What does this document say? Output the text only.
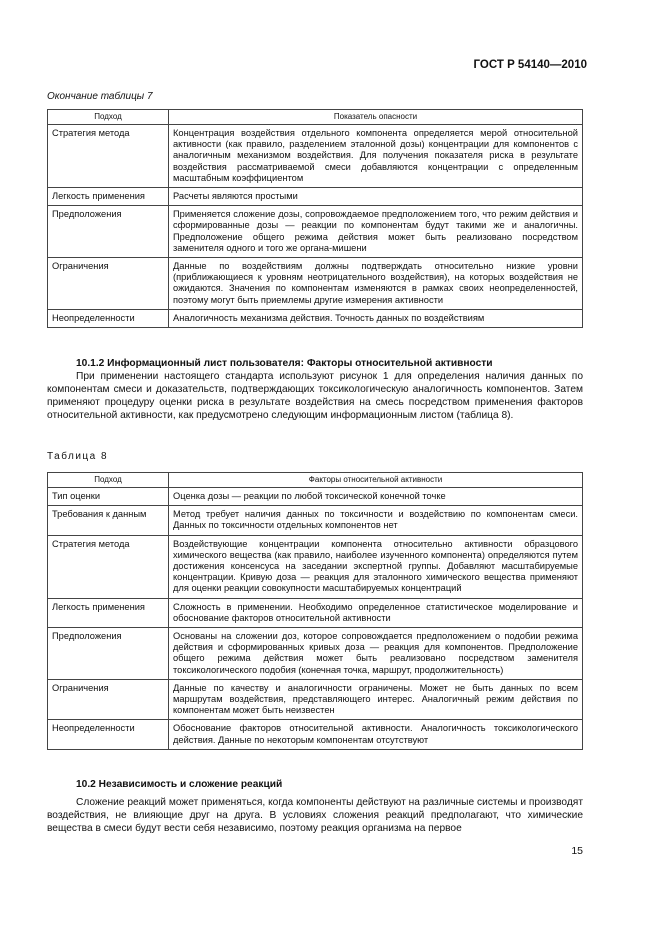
ГОСТ Р 54140—2010
Окончание таблицы 7
Подход	Показатель опасности
Стратегия метода	Концентрация воздействия отдельного компонента определяется мерой относительной активности (как правило, разделением эталонной дозы) концентрации для компонентов с аналогичным механизмом воздействия. Для получения показателя риска в результате воздействия рассматриваемой смеси добавляются концентрации с определенным масштабным коэффициентом
Легкость применения	Расчеты являются простыми
Предположения	Применяется сложение дозы, сопровождаемое предположением того, что режим действия и сформированные дозы — реакции по компонентам будут такими же и аналогичны. Предположение общего режима действия может быть реализовано посредством заменителя одного и того же органа-мишени
Ограничения	Данные по воздействиям должны подтверждать относительно низкие уровни (приближающиеся к уровням неотрицательного воздействия), на которых воздействия не ожидаются. Значения по компонентам изменяются в рамках своих неопределенностей, поэтому могут быть приемлемы другие измерения активности
Неопределенности	Аналогичность механизма действия. Точность данных по воздействиям
10.1.2 Информационный лист пользователя: Факторы относительной активности

При применении настоящего стандарта используют рисунок 1 для определения наличия данных по компонентам смеси и доказательств, подтверждающих токсикологическую аналогичность компонентов. Затем применяют процедуру оценки риска в результате воздействия на смесь посредством применения факторов относительной активности, как предусмотрено следующим информационным листом (таблица 8).

Таблица 8
Подход	Факторы относительной активности
Тип оценки	Оценка дозы — реакции по любой токсической конечной точке
Требования к данным	Метод требует наличия данных по токсичности и воздействию по компонентам смеси. Данных по токсичности отдельных компонентов нет
Стратегия метода	Воздействующие концентрации компонента относительно активности образцового химического вещества (как правило, наиболее изученного компонента) определяются путем достижения консенсуса на заседании экспертной группы. Добавляют масштабируемые концентрации. Кривую доза — реакция для эталонного химического вещества применяют для оценки реакции совокупности масштабируемых концентраций
Легкость применения	Сложность в применении. Необходимо определенное статистическое моделирование и обоснование факторов относительной активности
Предположения	Основаны на сложении доз, которое сопровождается предположением о подобии режима действия и сформированных кривых доза — реакция для компонентов. Предположение общего режима действия может быть реализовано посредством заменителя токсикологического подобия (конечная точка, маршрут, продолжительность)
Ограничения	Данные по качеству и аналогичности ограничены. Может не быть данных по всем маршрутам воздействия, представляющего интерес. Аналогичный режим действия по компонентам может быть неизвестен
Неопределенности	Обоснование факторов относительной активности. Аналогичность токсикологического действия. Данные по некоторым компонентам отсутствуют
10.2 Независимость и сложение реакций

Сложение реакций может применяться, когда компоненты действуют на различные системы и производят воздействия, не влияющие друг на друга. В условиях сложения реакций предполагают, что химические вещества в смеси будут вести себя независимо, поэтому реакция организма на первое

15
